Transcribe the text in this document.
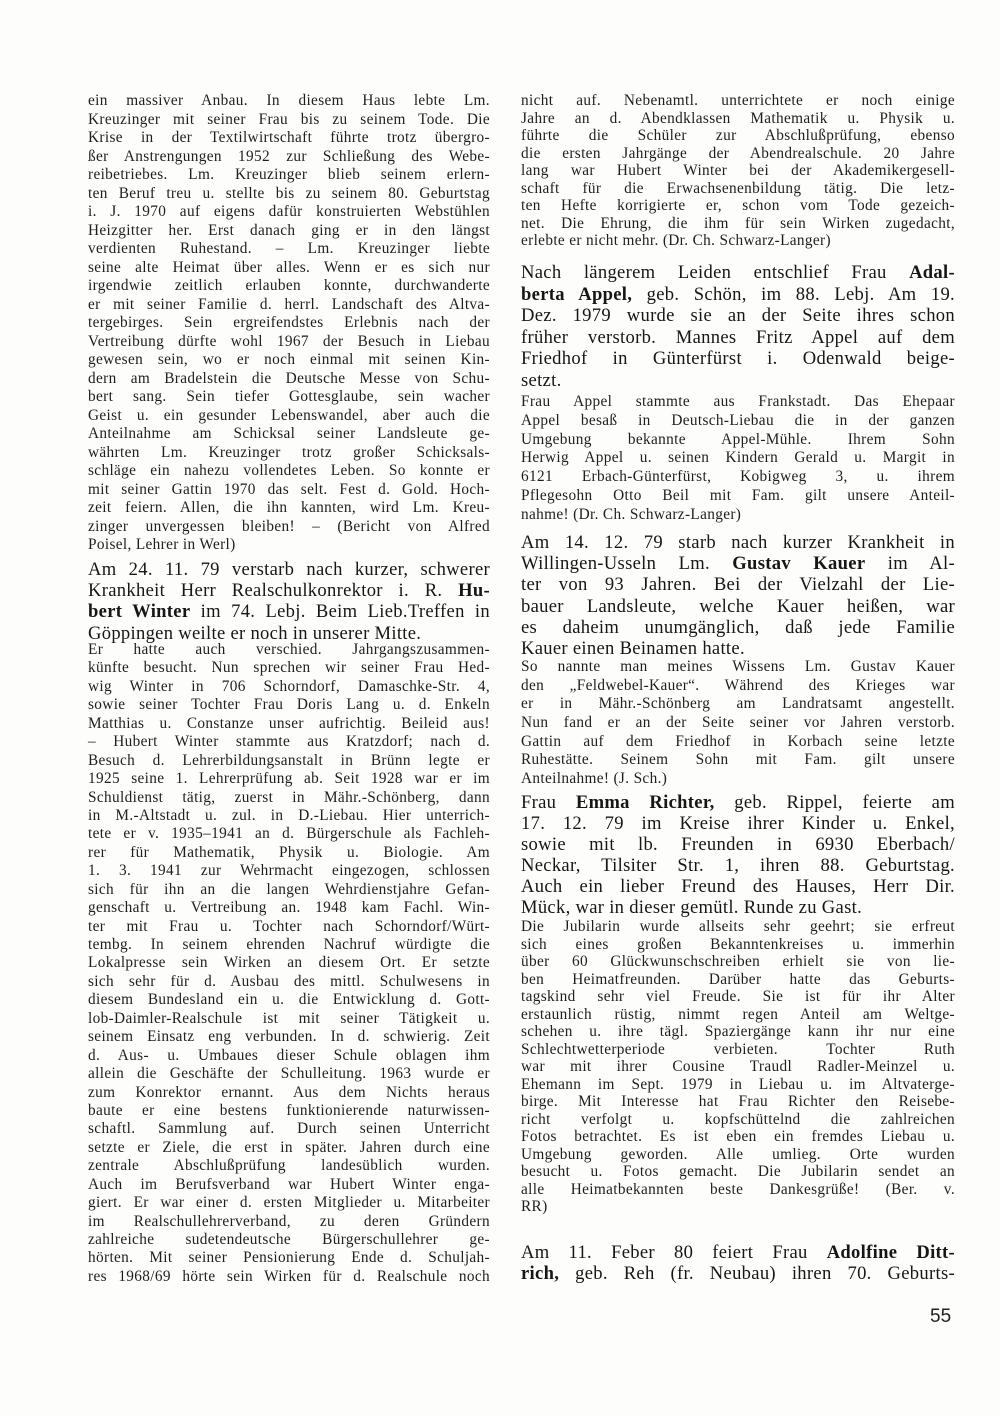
ein massiver Anbau. In diesem Haus lebte Lm.
Kreuzinger mit seiner Frau bis zu seinem Tode. Die
Krise in der Textilwirtschaft führte trotz übergro-
ßer Anstrengungen 1952 zur Schließung des Webe-
reibetriebes. Lm. Kreuzinger blieb seinem erlern-
ten Beruf treu u. stellte bis zu seinem 80. Geburtstag
i. J. 1970 auf eigens dafür konstruierten Webstühlen
Heizgitter her. Erst danach ging er in den längst
verdienten Ruhestand. – Lm. Kreuzinger liebte
seine alte Heimat über alles. Wenn er es sich nur
irgendwie zeitlich erlauben konnte, durchwanderte
er mit seiner Familie d. herrl. Landschaft des Altva-
tergebirges. Sein ergreifendstes Erlebnis nach der
Vertreibung dürfte wohl 1967 der Besuch in Liebau
gewesen sein, wo er noch einmal mit seinen Kin-
dern am Bradelstein die Deutsche Messe von Schu-
bert sang. Sein tiefer Gottesglaube, sein wacher
Geist u. ein gesunder Lebenswandel, aber auch die
Anteilnahme am Schicksal seiner Landsleute ge-
währten Lm. Kreuzinger trotz großer Schicksals-
schläge ein nahezu vollendetes Leben. So konnte er
mit seiner Gattin 1970 das selt. Fest d. Gold. Hoch-
zeit feiern. Allen, die ihn kannten, wird Lm. Kreu-
zinger unvergessen bleiben! – (Bericht von Alfred
Poisel, Lehrer in Werl)
Am 24. 11. 79 verstarb nach kurzer, schwerer
Krankheit Herr Realschulkonrektor i. R. Hu-
bert Winter im 74. Lebj. Beim Lieb.Treffen in
Göppingen weilte er noch in unserer Mitte.
Er hatte auch verschied. Jahrgangszusammen-
künfte besucht. Nun sprechen wir seiner Frau Hed-
wig Winter in 706 Schorndorf, Damaschke-Str. 4,
sowie seiner Tochter Frau Doris Lang u. d. Enkeln
Matthias u. Constanze unser aufrichtig. Beileid aus!
– Hubert Winter stammte aus Kratzdorf; nach d.
Besuch d. Lehrerbildungsanstalt in Brünn legte er
1925 seine 1. Lehrerprüfung ab. Seit 1928 war er im
Schuldienst tätig, zuerst in Mähr.-Schönberg, dann
in M.-Altstadt u. zul. in D.-Liebau. Hier unterrich-
tete er v. 1935–1941 an d. Bürgerschule als Fachleh-
rer für Mathematik, Physik u. Biologie. Am
1. 3. 1941 zur Wehrmacht eingezogen, schlossen
sich für ihn an die langen Wehrdienstjahre Gefan-
genschaft u. Vertreibung an. 1948 kam Fachl. Win-
ter mit Frau u. Tochter nach Schorndorf/Würt-
tembg. In seinem ehrenden Nachruf würdigte die
Lokalpresse sein Wirken an diesem Ort. Er setzte
sich sehr für d. Ausbau des mittl. Schulwesens in
diesem Bundesland ein u. die Entwicklung d. Gott-
lob-Daimler-Realschule ist mit seiner Tätigkeit u.
seinem Einsatz eng verbunden. In d. schwierig. Zeit
d. Aus- u. Umbaues dieser Schule oblagen ihm
allein die Geschäfte der Schulleitung. 1963 wurde er
zum Konrektor ernannt. Aus dem Nichts heraus
baute er eine bestens funktionierende naturwissen-
schaftl. Sammlung auf. Durch seinen Unterricht
setzte er Ziele, die erst in später. Jahren durch eine
zentrale Abschlußprüfung landesüblich wurden.
Auch im Berufsverband war Hubert Winter enga-
giert. Er war einer d. ersten Mitglieder u. Mitarbeiter
im Realschullehrerverband, zu deren Gründern
zahlreiche sudetendeutsche Bürgerschullehrer ge-
hörten. Mit seiner Pensionierung Ende d. Schuljah-
res 1968/69 hörte sein Wirken für d. Realschule noch
nicht auf. Nebenamtl. unterrichtete er noch einige
Jahre an d. Abendklassen Mathematik u. Physik u.
führte die Schüler zur Abschlußprüfung, ebenso
die ersten Jahrgänge der Abendrealschule. 20 Jahre
lang war Hubert Winter bei der Akademikergesell-
schaft für die Erwachsenenbildung tätig. Die letz-
ten Hefte korrigierte er, schon vom Tode gezeich-
net. Die Ehrung, die ihm für sein Wirken zugedacht,
erlebte er nicht mehr. (Dr. Ch. Schwarz-Langer)
Nach längerem Leiden entschlief Frau Adal-
berta Appel, geb. Schön, im 88. Lebj. Am 19.
Dez. 1979 wurde sie an der Seite ihres schon
früher verstorb. Mannes Fritz Appel auf dem
Friedhof in Günterfürst i. Odenwald beige-
setzt.
Frau Appel stammte aus Frankstadt. Das Ehepaar
Appel besaß in Deutsch-Liebau die in der ganzen
Umgebung bekannte Appel-Mühle. Ihrem Sohn
Herwig Appel u. seinen Kindern Gerald u. Margit in
6121 Erbach-Günterfürst, Kobigweg 3, u. ihrem
Pflegesohn Otto Beil mit Fam. gilt unsere Anteil-
nahme! (Dr. Ch. Schwarz-Langer)
Am 14. 12. 79 starb nach kurzer Krankheit in
Willingen-Usseln Lm. Gustav Kauer im Al-
ter von 93 Jahren. Bei der Vielzahl der Lie-
bauer Landsleute, welche Kauer heißen, war
es daheim unumgänglich, daß jede Familie
Kauer einen Beinamen hatte.
So nannte man meines Wissens Lm. Gustav Kauer
den „Feldwebel-Kauer“. Während des Krieges war
er in Mähr.-Schönberg am Landratsamt angestellt.
Nun fand er an der Seite seiner vor Jahren verstorb.
Gattin auf dem Friedhof in Korbach seine letzte
Ruhestätte. Seinem Sohn mit Fam. gilt unsere
Anteilnahme! (J. Sch.)
Frau Emma Richter, geb. Rippel, feierte am
17. 12. 79 im Kreise ihrer Kinder u. Enkel,
sowie mit lb. Freunden in 6930 Eberbach/
Neckar, Tilsiter Str. 1, ihren 88. Geburtstag.
Auch ein lieber Freund des Hauses, Herr Dir.
Mück, war in dieser gemütl. Runde zu Gast.
Die Jubilarin wurde allseits sehr geehrt; sie erfreut
sich eines großen Bekanntenkreises u. immerhin
über 60 Glückwunschschreiben erhielt sie von lie-
ben Heimatfreunden. Darüber hatte das Geburts-
tagskind sehr viel Freude. Sie ist für ihr Alter
erstaunlich rüstig, nimmt regen Anteil am Weltge-
schehen u. ihre tägl. Spaziergänge kann ihr nur eine
Schlechtwetterperiode verbieten. Tochter Ruth
war mit ihrer Cousine Traudl Radler-Meinzel u.
Ehemann im Sept. 1979 in Liebau u. im Altvaterge-
birge. Mit Interesse hat Frau Richter den Reisebe-
richt verfolgt u. kopfschüttelnd die zahlreichen
Fotos betrachtet. Es ist eben ein fremdes Liebau u.
Umgebung geworden. Alle umlieg. Orte wurden
besucht u. Fotos gemacht. Die Jubilarin sendet an
alle Heimatbekannten beste Dankesgrüße! (Ber. v.
RR)
Am 11. Feber 80 feiert Frau Adolfine Ditt-
rich, geb. Reh (fr. Neubau) ihren 70. Geburts-
55
